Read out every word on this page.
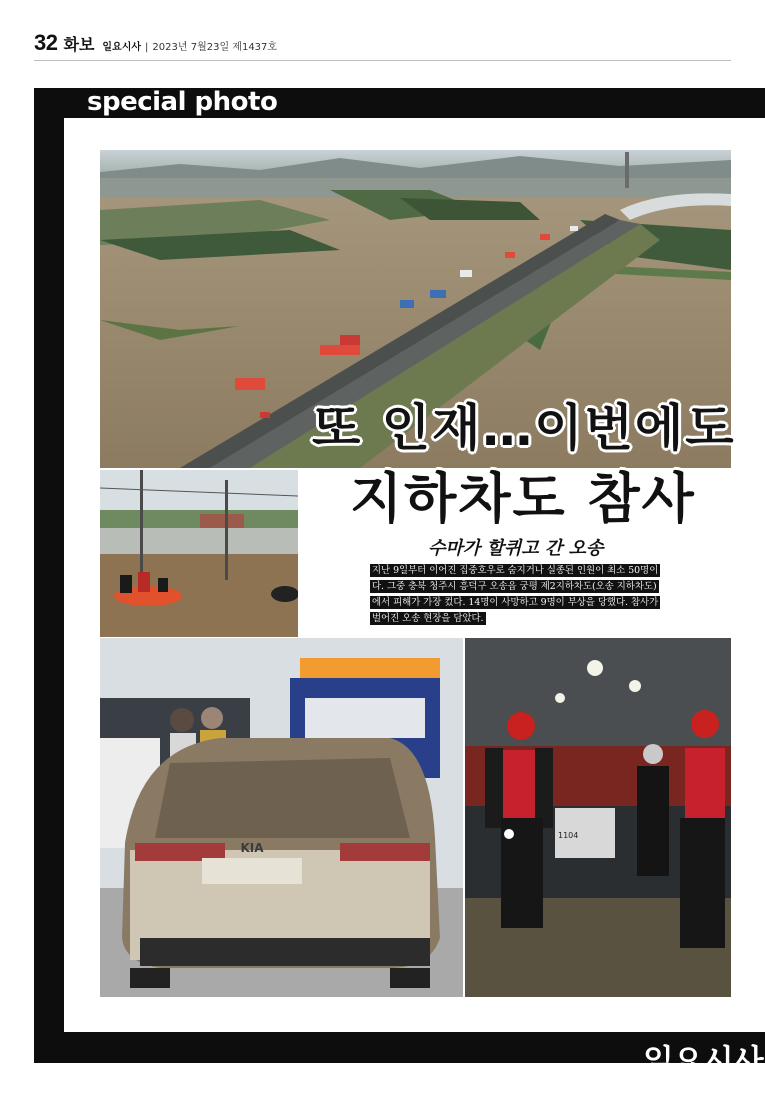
32 화보 일요시사 | 2023년 7월23일 제1437호
special photo
KIA
1104
또 인재…이번에도
지하차도 참사
수마가 할퀴고 간 오송
지난 9일부터 이어진 집중호우로 숨지거나 실종된 인원이 최소 50명이다. 그중 충북 청주시 흥덕구 오송읍 궁평 제2지하차도(오송 지하차도)에서 피해가 가장 컸다. 14명이 사망하고 9명이 부상을 당했다. 참사가 벌어진 오송 현장을 담았다.
일요시사
